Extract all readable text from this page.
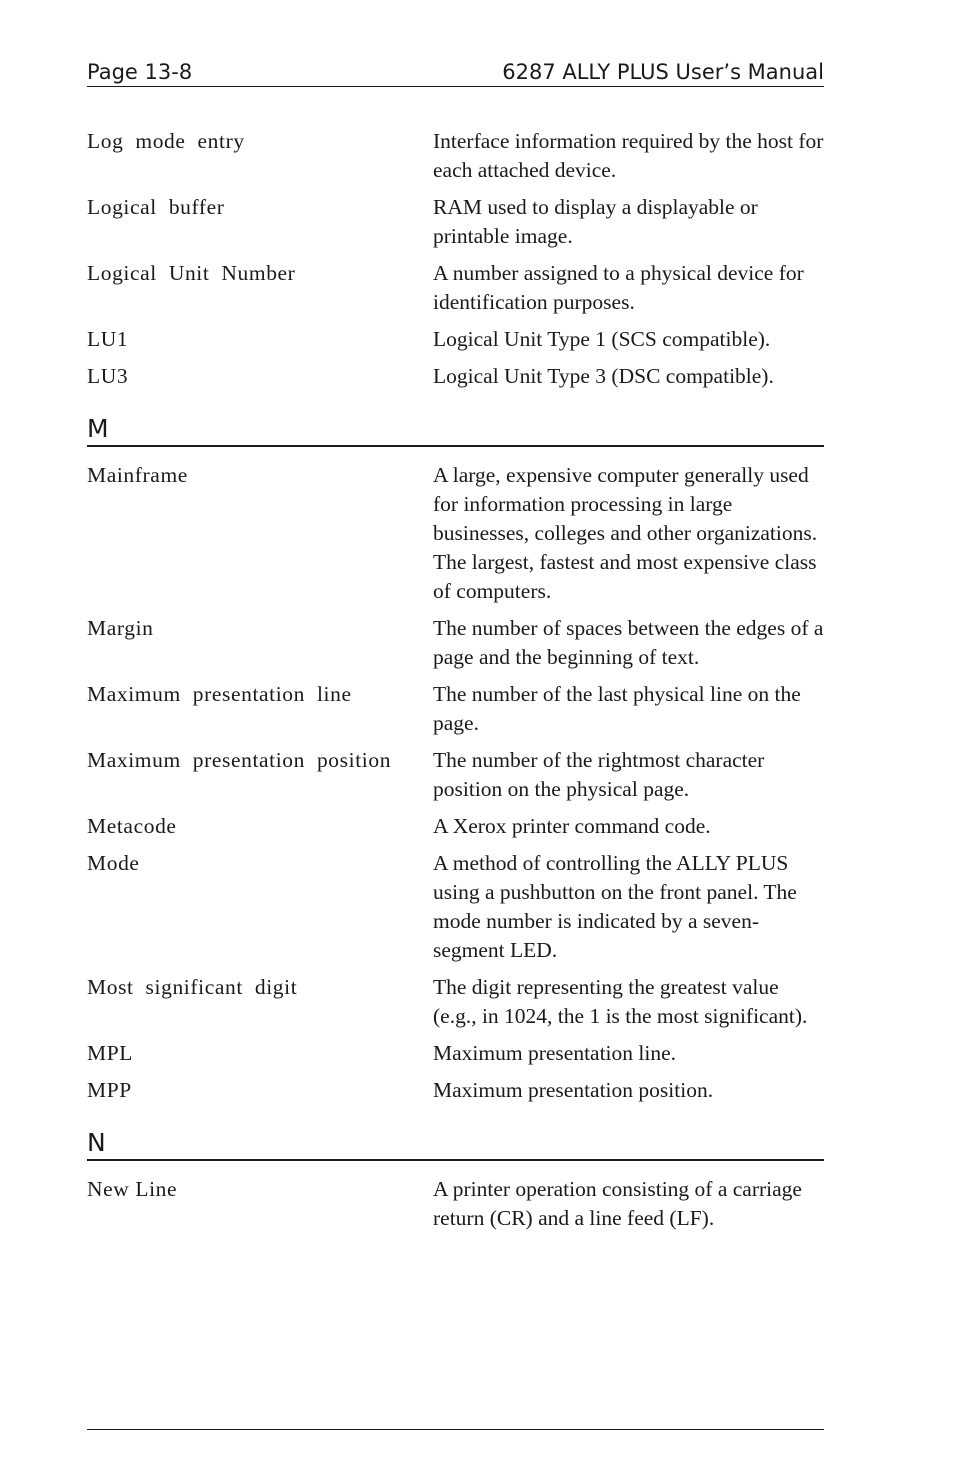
Page 13-8	6287 ALLY PLUS User’s Manual
Log  mode  entry	Interface information required by the host for each attached device.
Logical  buffer	RAM used to display a displayable or printable image.
Logical  Unit  Number	A number assigned to a physical device for identification purposes.
LU1	Logical Unit Type 1 (SCS compatible).
LU3	Logical Unit Type 3 (DSC compatible).
M
Mainframe	A large, expensive computer generally used for information processing in large businesses, colleges and other organizations. The largest, fastest and most expensive class of computers.
Margin	The number of spaces between the edges of a page and the beginning of text.
Maximum  presentation  line	The number of the last physical line on the page.
Maximum  presentation  position	The number of the rightmost character position on the physical page.
Metacode	A Xerox printer command code.
Mode	A method of controlling the ALLY PLUS using a pushbutton on the front panel. The mode number is indicated by a seven-segment LED.
Most  significant  digit	The digit representing the greatest value (e.g., in 1024, the 1 is the most significant).
MPL	Maximum presentation line.
MPP	Maximum presentation position.
N
New Line	A printer operation consisting of a carriage return (CR) and a line feed (LF).
